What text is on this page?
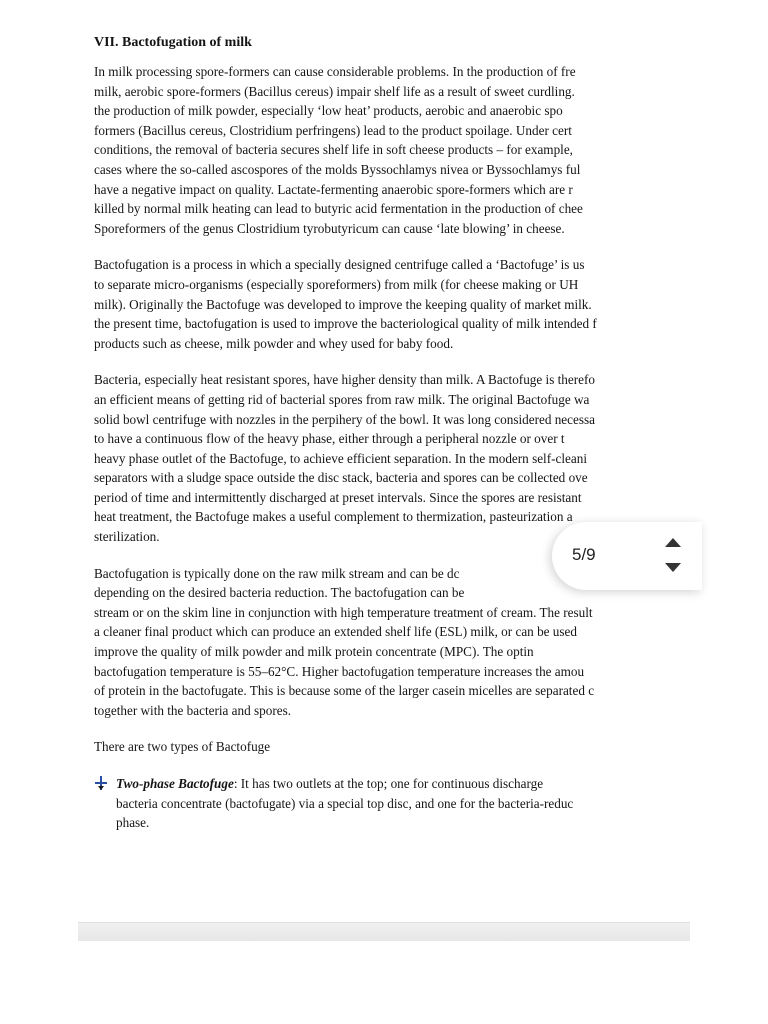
VII. Bactofugation of milk
In milk processing spore-formers can cause considerable problems. In the production of fre
milk, aerobic spore-formers (Bacillus cereus) impair shelf life as a result of sweet curdling.
the production of milk powder, especially ‘low heat’ products, aerobic and anaerobic spo
formers (Bacillus cereus, Clostridium perfringens) lead to the product spoilage. Under cert
conditions, the removal of bacteria secures shelf life in soft cheese products – for example,
cases where the so-called ascospores of the molds Byssochlamys nivea or Byssochlamys ful
have a negative impact on quality. Lactate-fermenting anaerobic spore-formers which are r
killed by normal milk heating can lead to butyric acid fermentation in the production of chee
Sporeformers of the genus Clostridium tyrobutyricum can cause ‘late blowing’ in cheese.
Bactofugation is a process in which a specially designed centrifuge called a ‘Bactofuge’ is us
to separate micro-organisms (especially sporeformers) from milk (for cheese making or UH
milk). Originally the Bactofuge was developed to improve the keeping quality of market milk.
the present time, bactofugation is used to improve the bacteriological quality of milk intended f
products such as cheese, milk powder and whey used for baby food.
Bacteria, especially heat resistant spores, have higher density than milk. A Bactofuge is therefo
an efficient means of getting rid of bacterial spores from raw milk. The original Bactofuge wa
solid bowl centrifuge with nozzles in the perpihery of the bowl. It was long considered necessa
to have a continuous flow of the heavy phase, either through a peripheral nozzle or over t
heavy phase outlet of the Bactofuge, to achieve efficient separation. In the modern self-cleani
separators with a sludge space outside the disc stack, bacteria and spores can be collected ove
period of time and intermittently discharged at preset intervals. Since the spores are resistant
heat treatment, the Bactofuge makes a useful complement to thermization, pasteurization a
sterilization.
Bactofugation is typically done on the raw milk stream and can be dc
depending on the desired bacteria reduction. The bactofugation can be
stream or on the skim line in conjunction with high temperature treatment of cream. The result
a cleaner final product which can produce an extended shelf life (ESL) milk, or can be used
improve the quality of milk powder and milk protein concentrate (MPC). The optin
bactofugation temperature is 55–62°C. Higher bactofugation temperature increases the amou
of protein in the bactofugate. This is because some of the larger casein micelles are separated c
together with the bacteria and spores.
There are two types of Bactofuge
Two-phase Bactofuge: It has two outlets at the top; one for continuous discharge
bacteria concentrate (bactofugate) via a special top disc, and one for the bacteria-reduc
phase.
5/9
